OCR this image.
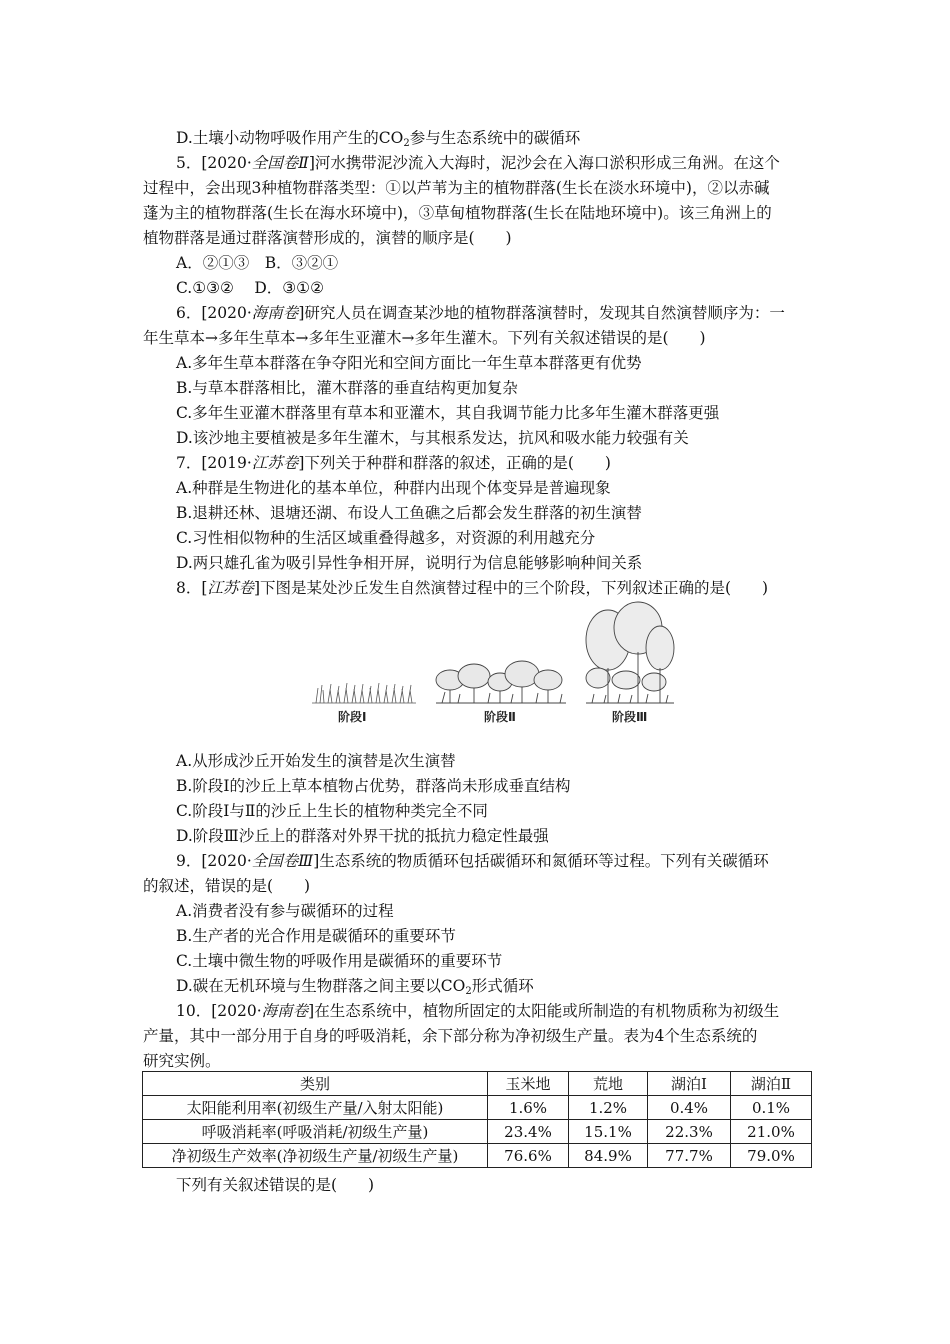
D.土壤小动物呼吸作用产生的$CO_2$参与生态系统中的碳循环
5．[2020·全国卷Ⅱ]河水携带泥沙流入大海时，泥沙会在入海口淤积形成三角洲。在这个
过程中，会出现3种植物群落类型：①以芦苇为主的植物群落(生长在淡水环境中)，②以赤碱
蓬为主的植物群落(生长在海水环境中)，③草甸植物群落(生长在陆地环境中)。该三角洲上的
植物群落是通过群落演替形成的，演替的顺序是(　　)
A．②①③　B．③②①
C.①③②　 D．③①②
6．[2020·海南卷]研究人员在调查某沙地的植物群落演替时，发现其自然演替顺序为：一
年生草本→多年生草本→多年生亚灌木→多年生灌木。下列有关叙述错误的是(　　)
A.多年生草本群落在争夺阳光和空间方面比一年生草本群落更有优势
B.与草本群落相比，灌木群落的垂直结构更加复杂
C.多年生亚灌木群落里有草本和亚灌木，其自我调节能力比多年生灌木群落更强
D.该沙地主要植被是多年生灌木，与其根系发达，抗风和吸水能力较强有关
7．[2019·江苏卷]下列关于种群和群落的叙述，正确的是(　　)
A.种群是生物进化的基本单位，种群内出现个体变异是普遍现象
B.退耕还林、退塘还湖、布设人工鱼礁之后都会发生群落的初生演替
C.习性相似物种的生活区域重叠得越多，对资源的利用越充分
D.两只雄孔雀为吸引异性争相开屏，说明行为信息能够影响种间关系
8．[江苏卷]下图是某处沙丘发生自然演替过程中的三个阶段，下列叙述正确的是(　　)
阶段Ⅰ	阶段Ⅱ	阶段Ⅲ
A.从形成沙丘开始发生的演替是次生演替
B.阶段Ⅰ的沙丘上草本植物占优势，群落尚未形成垂直结构
C.阶段Ⅰ与Ⅱ的沙丘上生长的植物种类完全不同
D.阶段Ⅲ沙丘上的群落对外界干扰的抵抗力稳定性最强
9．[2020·全国卷Ⅲ]生态系统的物质循环包括碳循环和氮循环等过程。下列有关碳循环
的叙述，错误的是(　　)
A.消费者没有参与碳循环的过程
B.生产者的光合作用是碳循环的重要环节
C.土壤中微生物的呼吸作用是碳循环的重要环节
D.碳在无机环境与生物群落之间主要以$CO_2$形式循环
10．[2020·海南卷]在生态系统中，植物所固定的太阳能或所制造的有机物质称为初级生
产量，其中一部分用于自身的呼吸消耗，余下部分称为净初级生产量。表为4个生态系统的
研究实例。
类别	玉米地	荒地	湖泊Ⅰ	湖泊Ⅱ
太阳能利用率(初级生产量/入射太阳能)	1.6%	1.2%	0.4%	0.1%
呼吸消耗率(呼吸消耗/初级生产量)	23.4%	15.1%	22.3%	21.0%
净初级生产效率(净初级生产量/初级生产量)	76.6%	84.9%	77.7%	79.0%
下列有关叙述错误的是(　　)
